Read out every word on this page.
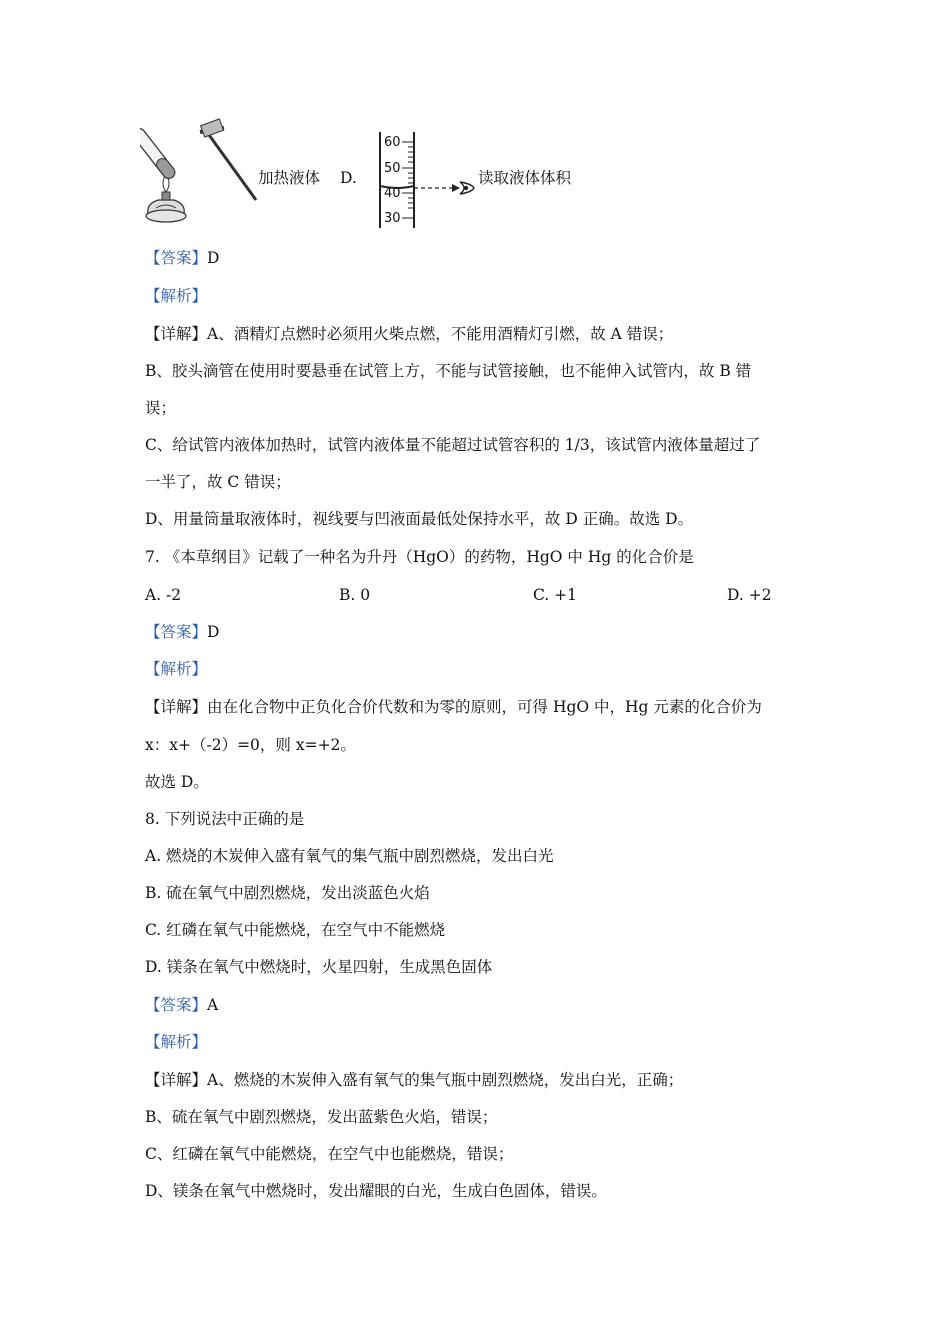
加热液体 D.
60
50
40
30
读取液体体积
【答案】D
【解析】
【详解】A、酒精灯点燃时必须用火柴点燃，不能用酒精灯引燃，故 A 错误；
B、胶头滴管在使用时要悬垂在试管上方，不能与试管接触，也不能伸入试管内，故 B 错
误；
C、给试管内液体加热时，试管内液体量不能超过试管容积的 1/3，该试管内液体量超过了
一半了，故 C 错误；
D、用量筒量取液体时，视线要与凹液面最低处保持水平，故 D 正确。故选 D。
7. 《本草纲目》记载了一种名为升丹（HgO）的药物，HgO 中 Hg 的化合价是
A. -2	B. 0	C. +1	D. +2
【答案】D
【解析】
【详解】由在化合物中正负化合价代数和为零的原则，可得 HgO 中，Hg 元素的化合价为
x：x+（-2）=0，则 x=+2。
故选 D。
8. 下列说法中正确的是
A. 燃烧的木炭伸入盛有氧气的集气瓶中剧烈燃烧，发出白光
B. 硫在氧气中剧烈燃烧，发出淡蓝色火焰
C. 红磷在氧气中能燃烧，在空气中不能燃烧
D. 镁条在氧气中燃烧时，火星四射，生成黑色固体
【答案】A
【解析】
【详解】A、燃烧的木炭伸入盛有氧气的集气瓶中剧烈燃烧，发出白光，正确；
B、硫在氧气中剧烈燃烧，发出蓝紫色火焰，错误；
C、红磷在氧气中能燃烧，在空气中也能燃烧，错误；
D、镁条在氧气中燃烧时，发出耀眼的白光，生成白色固体，错误。
